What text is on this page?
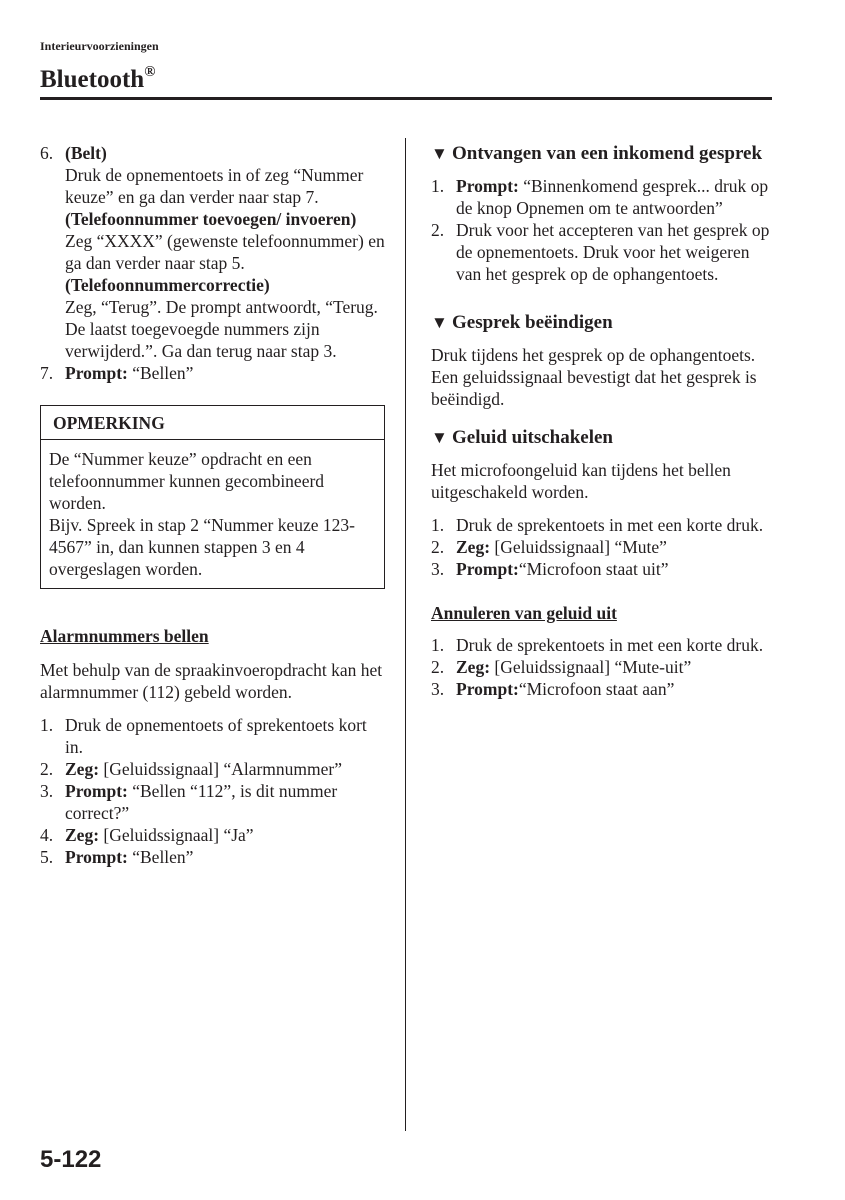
Interieurvoorzieningen
Bluetooth®
6. (Belt)

Druk de opnementoets in of zeg “Nummer keuze” en ga dan verder naar stap 7.

(Telefoonnummer toevoegen/ invoeren)

Zeg “XXXX” (gewenste telefoonnummer) en ga dan verder naar stap 5.

(Telefoonnummercorrectie)

Zeg, “Terug”. De prompt antwoordt, “Terug. De laatst toegevoegde nummers zijn verwijderd.”. Ga dan terug naar stap 3.

7. Prompt: “Bellen”
OPMERKING

De “Nummer keuze” opdracht en een telefoonnummer kunnen gecombineerd worden.

Bijv. Spreek in stap 2 “Nummer keuze 123-4567” in, dan kunnen stappen 3 en 4 overgeslagen worden.

Alarmnummers bellen

Met behulp van de spraakinvoeropdracht kan het alarmnummer (112) gebeld worden.

1. Druk de opnementoets of sprekentoets kort in.
2. Zeg: [Geluidssignaal] “Alarmnummer”
3. Prompt: “Bellen “112”, is dit nummer correct?”
4. Zeg: [Geluidssignaal] “Ja”
5. Prompt: “Bellen”
▼ Ontvangen van een inkomend gesprek
1. Prompt: “Binnenkomend gesprek... druk op de knop Opnemen om te antwoorden”
2. Druk voor het accepteren van het gesprek op de opnementoets. Druk voor het weigeren van het gesprek op de ophangentoets.
▼ Gesprek beëindigen

Druk tijdens het gesprek op de ophangentoets. Een geluidssignaal bevestigt dat het gesprek is beëindigd.

▼ Geluid uitschakelen

Het microfoongeluid kan tijdens het bellen uitgeschakeld worden.

1. Druk de sprekentoets in met een korte druk.
2. Zeg: [Geluidssignaal] “Mute”
3. Prompt:“Microfoon staat uit”

Annuleren van geluid uit

1. Druk de sprekentoets in met een korte druk.
2. Zeg: [Geluidssignaal] “Mute-uit”
3. Prompt:“Microfoon staat aan”
5-122
